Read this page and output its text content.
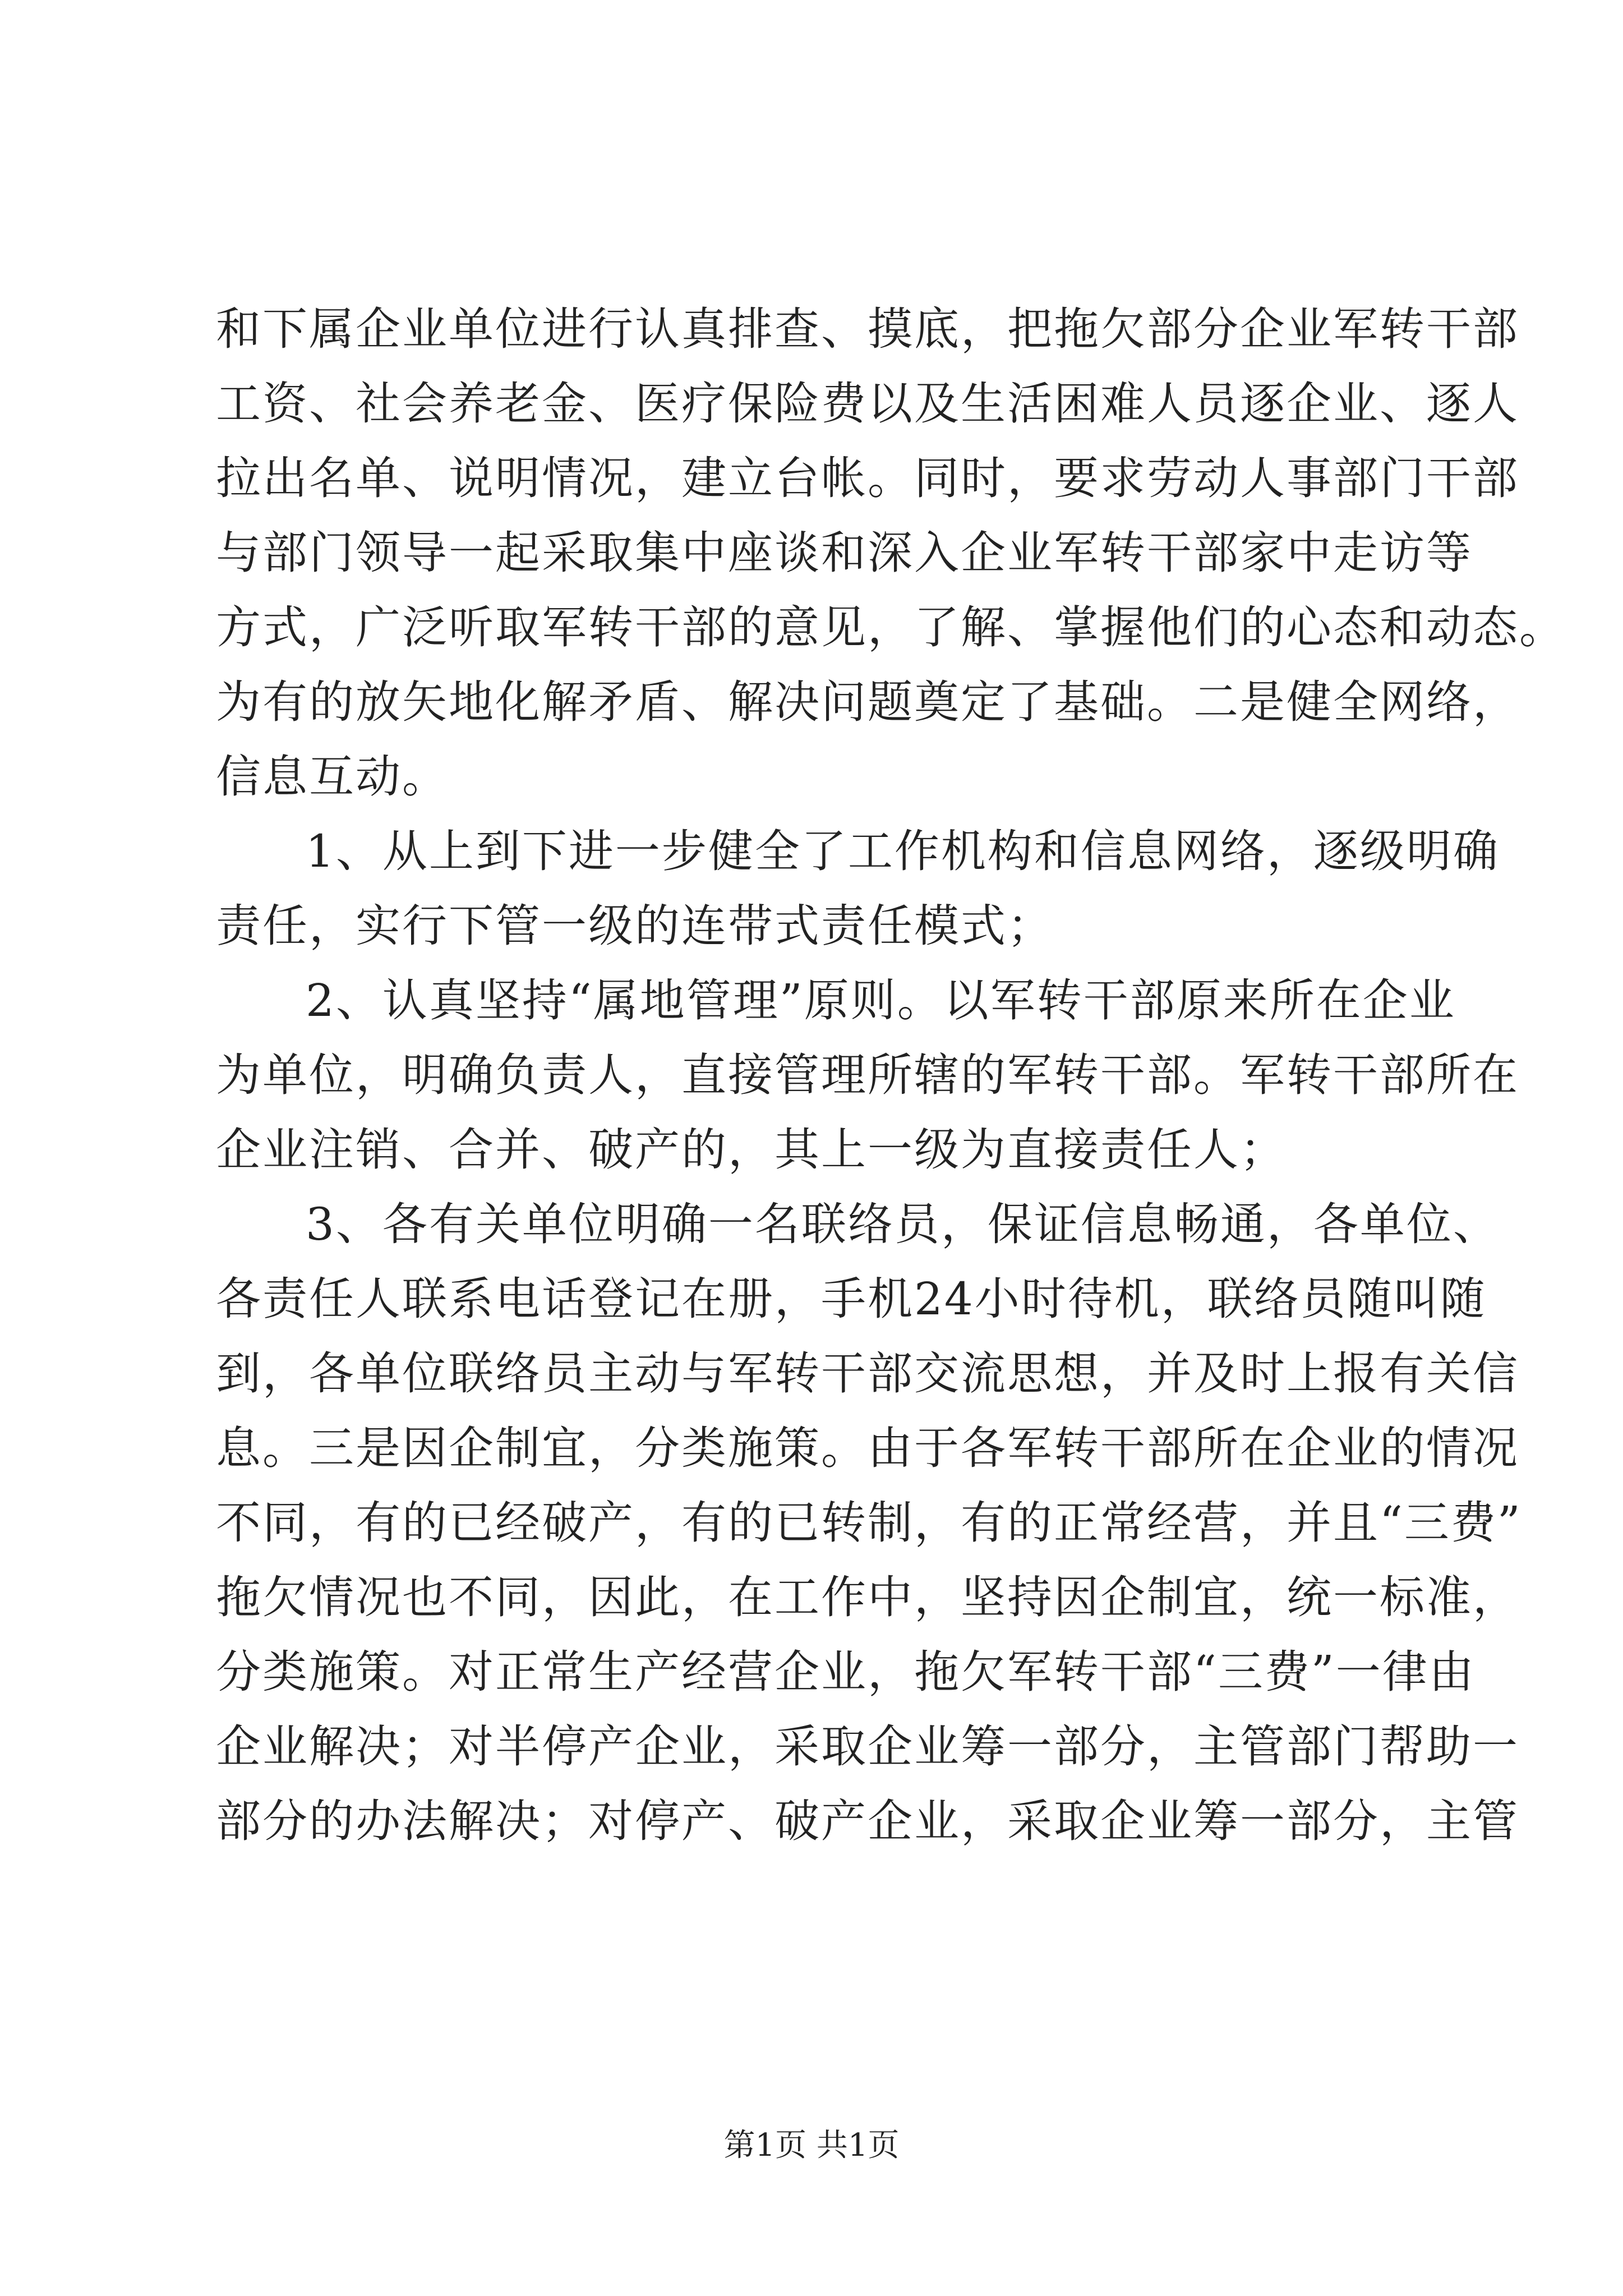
和下属企业单位进行认真排查、摸底，把拖欠部分企业军转干部
工资、社会养老金、医疗保险费以及生活困难人员逐企业、逐人
拉出名单、说明情况，建立台帐。同时，要求劳动人事部门干部
与部门领导一起采取集中座谈和深入企业军转干部家中走访等
方式，广泛听取军转干部的意见，了解、掌握他们的心态和动态。
为有的放矢地化解矛盾、解决问题奠定了基础。二是健全网络，
信息互动。
1、从上到下进一步健全了工作机构和信息网络，逐级明确
责任，实行下管一级的连带式责任模式；
2、认真坚持“属地管理”原则。以军转干部原来所在企业
为单位，明确负责人，直接管理所辖的军转干部。军转干部所在
企业注销、合并、破产的，其上一级为直接责任人；
3、各有关单位明确一名联络员，保证信息畅通，各单位、
各责任人联系电话登记在册，手机24小时待机，联络员随叫随
到，各单位联络员主动与军转干部交流思想，并及时上报有关信
息。三是因企制宜，分类施策。由于各军转干部所在企业的情况
不同，有的已经破产，有的已转制，有的正常经营，并且“三费”
拖欠情况也不同，因此，在工作中，坚持因企制宜，统一标准，
分类施策。对正常生产经营企业，拖欠军转干部“三费”一律由
企业解决；对半停产企业，采取企业筹一部分，主管部门帮助一
部分的办法解决；对停产、破产企业，采取企业筹一部分，主管
第1页 共1页
